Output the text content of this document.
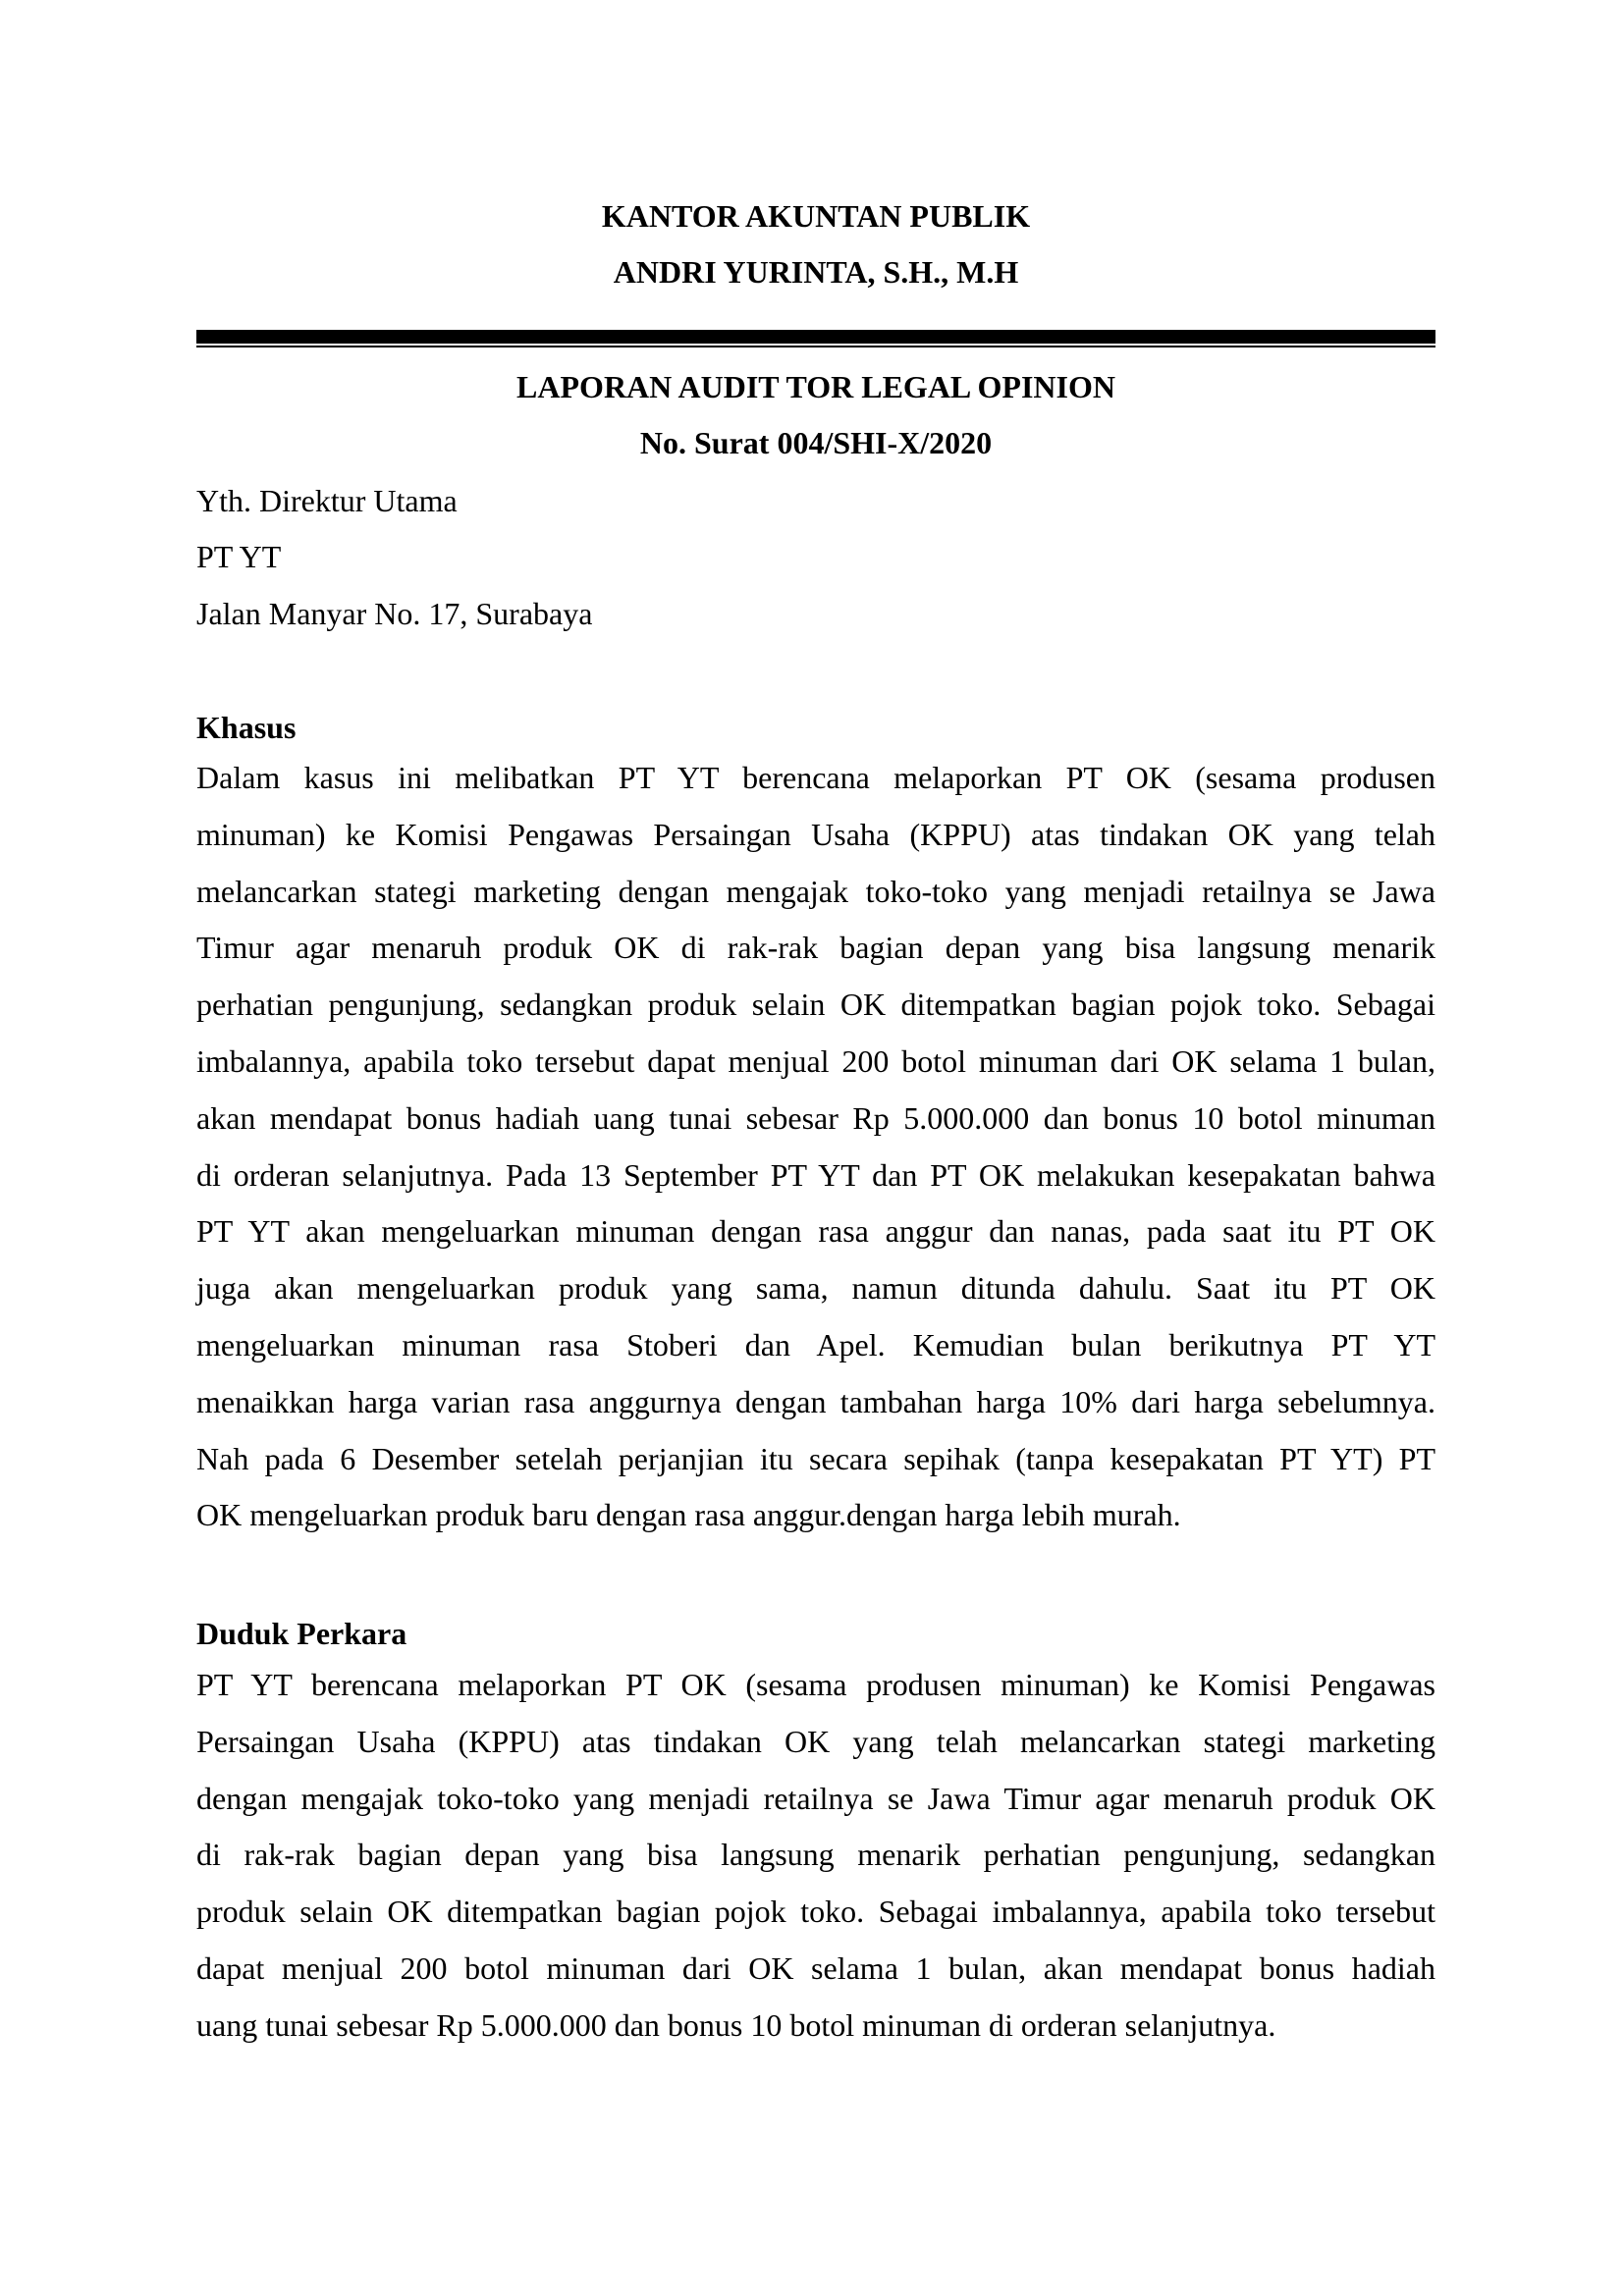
KANTOR AKUNTAN PUBLIK

ANDRI YURINTA, S.H., M.H

LAPORAN AUDIT TOR LEGAL OPINION

No. Surat 004/SHI-X/2020

Yth. Direktur Utama

PT YT

Jalan Manyar No. 17, Surabaya

Khasus

Dalam kasus ini melibatkan PT YT berencana melaporkan PT OK (sesama produsen
minuman) ke Komisi Pengawas Persaingan Usaha (KPPU) atas tindakan OK yang telah
melancarkan stategi marketing dengan mengajak toko-toko yang menjadi retailnya se Jawa
Timur agar menaruh produk OK di rak-rak bagian depan yang bisa langsung menarik
perhatian pengunjung, sedangkan produk selain OK ditempatkan bagian pojok toko. Sebagai
imbalannya, apabila toko tersebut dapat menjual 200 botol minuman dari OK selama 1 bulan,
akan mendapat bonus hadiah uang tunai sebesar Rp 5.000.000 dan bonus 10 botol minuman
di orderan selanjutnya. Pada 13 September PT YT dan PT OK melakukan kesepakatan bahwa
PT YT akan mengeluarkan minuman dengan rasa anggur dan nanas, pada saat itu PT OK
juga akan mengeluarkan produk yang sama, namun ditunda dahulu. Saat itu PT OK
mengeluarkan minuman rasa Stoberi dan Apel. Kemudian bulan berikutnya PT YT
menaikkan harga varian rasa anggurnya dengan tambahan harga 10% dari harga sebelumnya.
Nah pada 6 Desember setelah perjanjian itu secara sepihak (tanpa kesepakatan PT YT) PT
OK mengeluarkan produk baru dengan rasa anggur.dengan harga lebih murah.

Duduk Perkara

PT YT berencana melaporkan PT OK (sesama produsen minuman) ke Komisi Pengawas
Persaingan Usaha (KPPU) atas tindakan OK yang telah melancarkan stategi marketing
dengan mengajak toko-toko yang menjadi retailnya se Jawa Timur agar menaruh produk OK
di rak-rak bagian depan yang bisa langsung menarik perhatian pengunjung, sedangkan
produk selain OK ditempatkan bagian pojok toko. Sebagai imbalannya, apabila toko tersebut
dapat menjual 200 botol minuman dari OK selama 1 bulan, akan mendapat bonus hadiah
uang tunai sebesar Rp 5.000.000 dan bonus 10 botol minuman di orderan selanjutnya.
